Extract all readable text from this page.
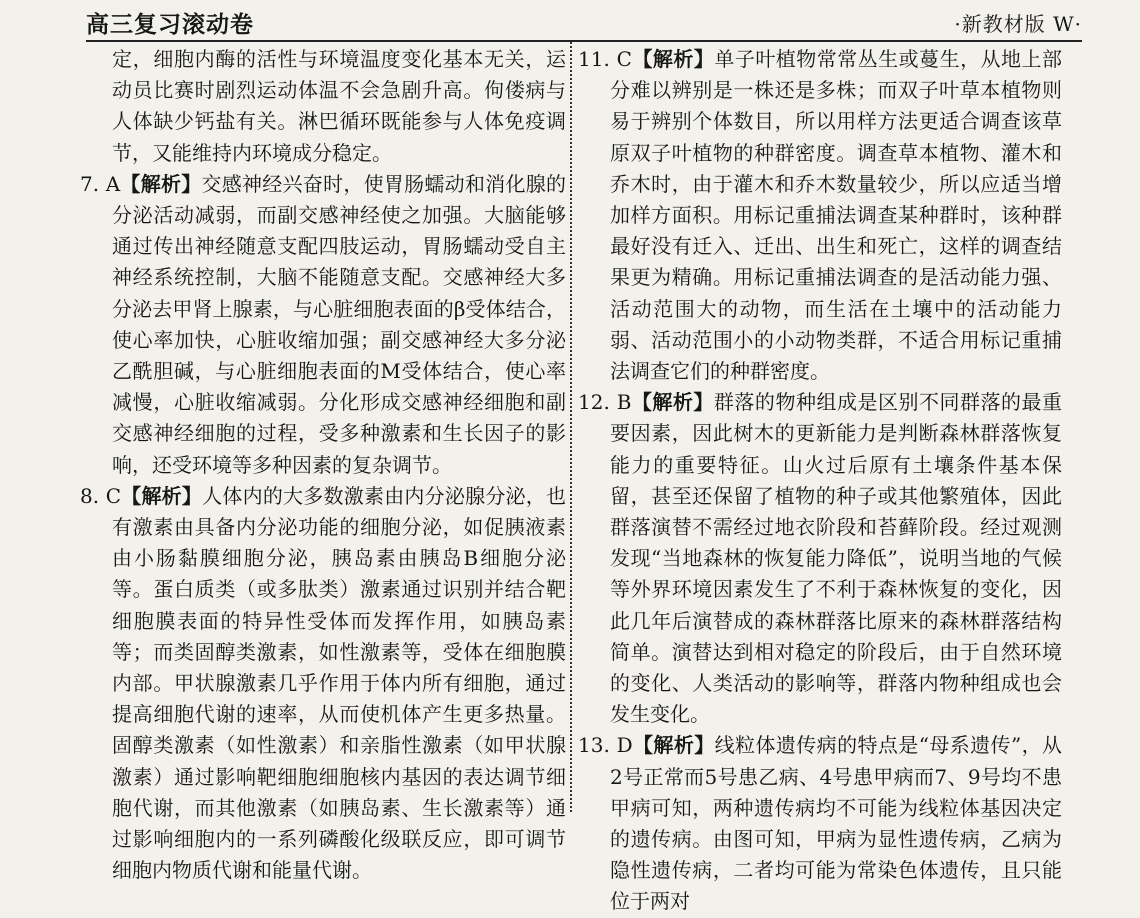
高三复习滚动卷	·新教材版 W·

定，细胞内酶的活性与环境温度变化基本无关，运动员比赛时剧烈运动体温不会急剧升高。佝偻病与人体缺少钙盐有关。淋巴循环既能参与人体免疫调节，又能维持内环境成分稳定。

7. A【解析】交感神经兴奋时，使胃肠蠕动和消化腺的分泌活动减弱，而副交感神经使之加强。大脑能够通过传出神经随意支配四肢运动，胃肠蠕动受自主神经系统控制，大脑不能随意支配。交感神经大多分泌去甲肾上腺素，与心脏细胞表面的β受体结合，使心率加快，心脏收缩加强；副交感神经大多分泌乙酰胆碱，与心脏细胞表面的M受体结合，使心率减慢，心脏收缩减弱。分化形成交感神经细胞和副交感神经细胞的过程，受多种激素和生长因子的影响，还受环境等多种因素的复杂调节。

8. C【解析】人体内的大多数激素由内分泌腺分泌，也有激素由具备内分泌功能的细胞分泌，如促胰液素由小肠黏膜细胞分泌，胰岛素由胰岛B细胞分泌等。蛋白质类（或多肽类）激素通过识别并结合靶细胞膜表面的特异性受体而发挥作用，如胰岛素等；而类固醇类激素，如性激素等，受体在细胞膜内部。甲状腺激素几乎作用于体内所有细胞，通过提高细胞代谢的速率，从而使机体产生更多热量。固醇类激素（如性激素）和亲脂性激素（如甲状腺激素）通过影响靶细胞细胞核内基因的表达调节细胞代谢，而其他激素（如胰岛素、生长激素等）通过影响细胞内的一系列磷酸化级联反应，即可调节细胞内物质代谢和能量代谢。

11. C【解析】单子叶植物常常丛生或蔓生，从地上部分难以辨别是一株还是多株；而双子叶草本植物则易于辨别个体数目，所以用样方法更适合调查该草原双子叶植物的种群密度。调查草本植物、灌木和乔木时，由于灌木和乔木数量较少，所以应适当增加样方面积。用标记重捕法调查某种群时，该种群最好没有迁入、迁出、出生和死亡，这样的调查结果更为精确。用标记重捕法调查的是活动能力强、活动范围大的动物，而生活在土壤中的活动能力弱、活动范围小的小动物类群，不适合用标记重捕法调查它们的种群密度。

12. B【解析】群落的物种组成是区别不同群落的最重要因素，因此树木的更新能力是判断森林群落恢复能力的重要特征。山火过后原有土壤条件基本保留，甚至还保留了植物的种子或其他繁殖体，因此群落演替不需经过地衣阶段和苔藓阶段。经过观测发现“当地森林的恢复能力降低”，说明当地的气候等外界环境因素发生了不利于森林恢复的变化，因此几年后演替成的森林群落比原来的森林群落结构简单。演替达到相对稳定的阶段后，由于自然环境的变化、人类活动的影响等，群落内物种组成也会发生变化。

13. D【解析】线粒体遗传病的特点是“母系遗传”，从2号正常而5号患乙病、4号患甲病而7、9号均不患甲病可知，两种遗传病均不可能为线粒体基因决定的遗传病。由图可知，甲病为显性遗传病，乙病为隐性遗传病，二者均可能为常染色体遗传，且只能位于两对
